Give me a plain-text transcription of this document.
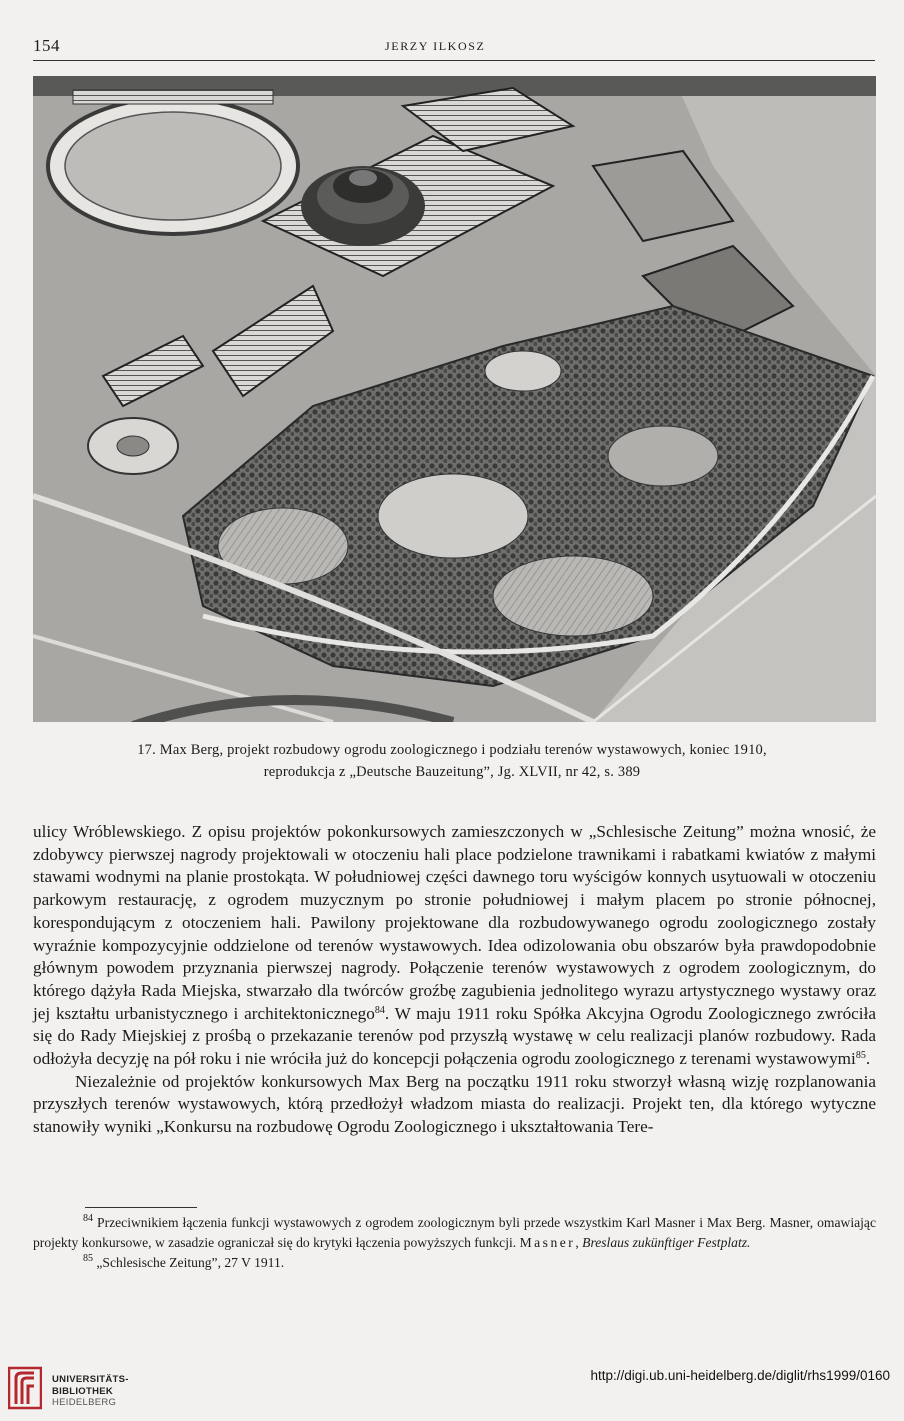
154	JERZY ILKOSZ
17. Max Berg, projekt rozbudowy ogrodu zoologicznego i podziału terenów wystawowych, koniec 1910,
reprodukcja z „Deutsche Bauzeitung”, Jg. XLVII, nr 42, s. 389

ulicy Wróblewskiego. Z opisu projektów pokonkursowych zamieszczonych w „Schlesische Zeitung” można wnosić, że zdobywcy pierwszej nagrody projektowali w otoczeniu hali place podzielone trawnikami i rabatkami kwiatów z małymi stawami wodnymi na planie prostokąta. W południowej części dawnego toru wyścigów konnych usytuowali w otoczeniu parkowym restaurację, z ogrodem muzycznym po stronie południowej i małym placem po stronie północnej, korespondującym z otoczeniem hali. Pawilony projektowane dla rozbudowywanego ogrodu zoologicznego zostały wyraźnie kompozycyjnie oddzielone od terenów wystawowych. Idea odizolowania obu obszarów była prawdopodobnie głównym powodem przyznania pierwszej nagrody. Połączenie terenów wystawowych z ogrodem zoologicznym, do którego dążyła Rada Miejska, stwarzało dla twórców groźbę zagubienia jednolitego wyrazu artystycznego wystawy oraz jej kształtu urbanistycznego i architektonicznego$^{84}$. W maju 1911 roku Spółka Akcyjna Ogrodu Zoologicznego zwróciła się do Rady Miejskiej z prośbą o przekazanie terenów pod przyszłą wystawę w celu realizacji planów rozbudowy. Rada odłożyła decyzję na pół roku i nie wróciła już do koncepcji połączenia ogrodu zoologicznego z terenami wystawowymi$^{85}$.

Niezależnie od projektów konkursowych Max Berg na początku 1911 roku stworzył własną wizję rozplanowania przyszłych terenów wystawowych, którą przedłożył władzom miasta do realizacji. Projekt ten, dla którego wytyczne stanowiły wyniki „Konkursu na rozbudowę Ogrodu Zoologicznego i ukształtowania Tere-

$^{84}$ Przeciwnikiem łączenia funkcji wystawowych z ogrodem zoologicznym byli przede wszystkim Karl Masner i Max Berg. Masner, omawiając projekty konkursowe, w zasadzie ograniczał się do krytyki łączenia powyższych funkcji. Masner, Breslaus zukünftiger Festplatz.

$^{85}$ „Schlesische Zeitung”, 27 V 1911.

UNIVERSITÄTS-
BIBLIOTHEK
HEIDELBERG
http://digi.ub.uni-heidelberg.de/diglit/rhs1999/0160
